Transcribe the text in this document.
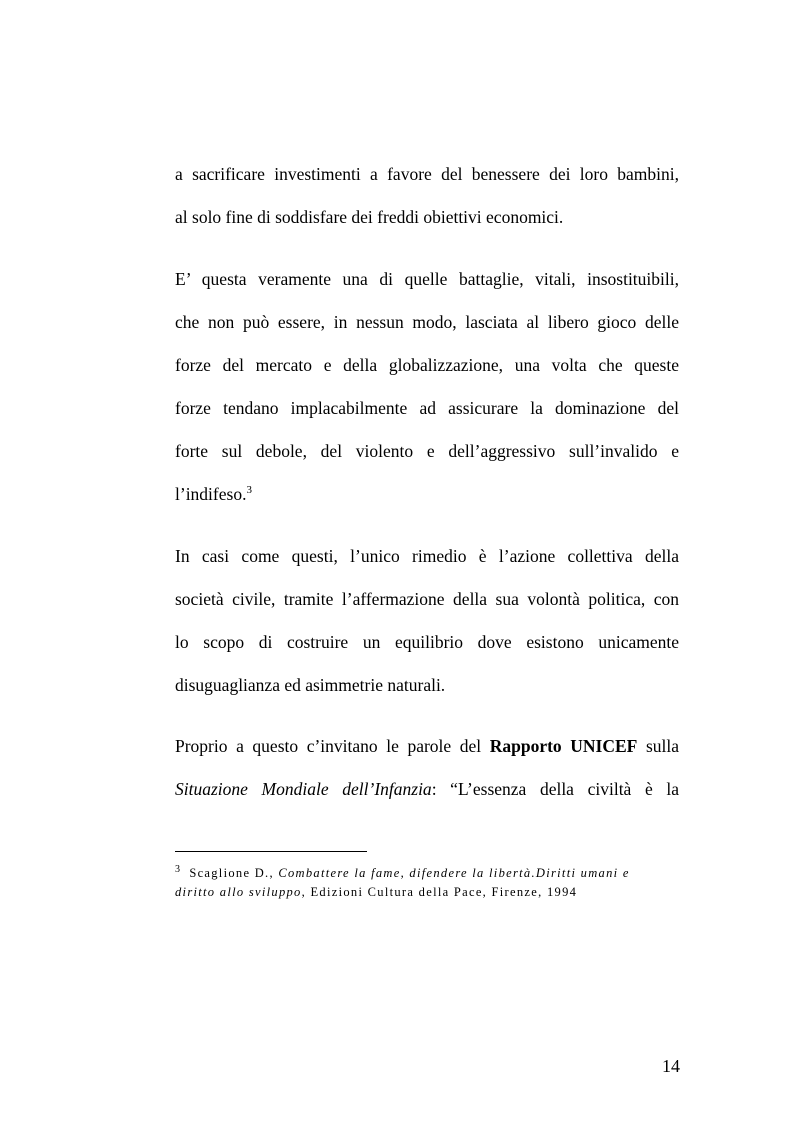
a sacrificare investimenti a favore del benessere dei loro bambini,
al solo fine di soddisfare dei freddi obiettivi economici.
E’ questa veramente una di quelle battaglie, vitali, insostituibili,
che non può essere, in nessun modo, lasciata al libero gioco delle
forze del mercato e della globalizzazione, una volta che queste
forze tendano implacabilmente ad assicurare la dominazione del
forte sul debole, del violento e dell’aggressivo sull’invalido e
l’indifeso.$^3$
In casi come questi, l’unico rimedio è l’azione collettiva della
società civile, tramite l’affermazione della sua volontà politica, con
lo scopo di costruire un equilibrio dove esistono unicamente
disuguaglianza ed asimmetrie naturali.
Proprio a questo c’invitano le parole del Rapporto UNICEF sulla
Situazione Mondiale dell’Infanzia: “L’essenza della civiltà è la
$^3$ Scaglione D., Combattere la fame, difendere la libertà.Diritti umani e
diritto allo sviluppo, Edizioni Cultura della Pace, Firenze, 1994
14
